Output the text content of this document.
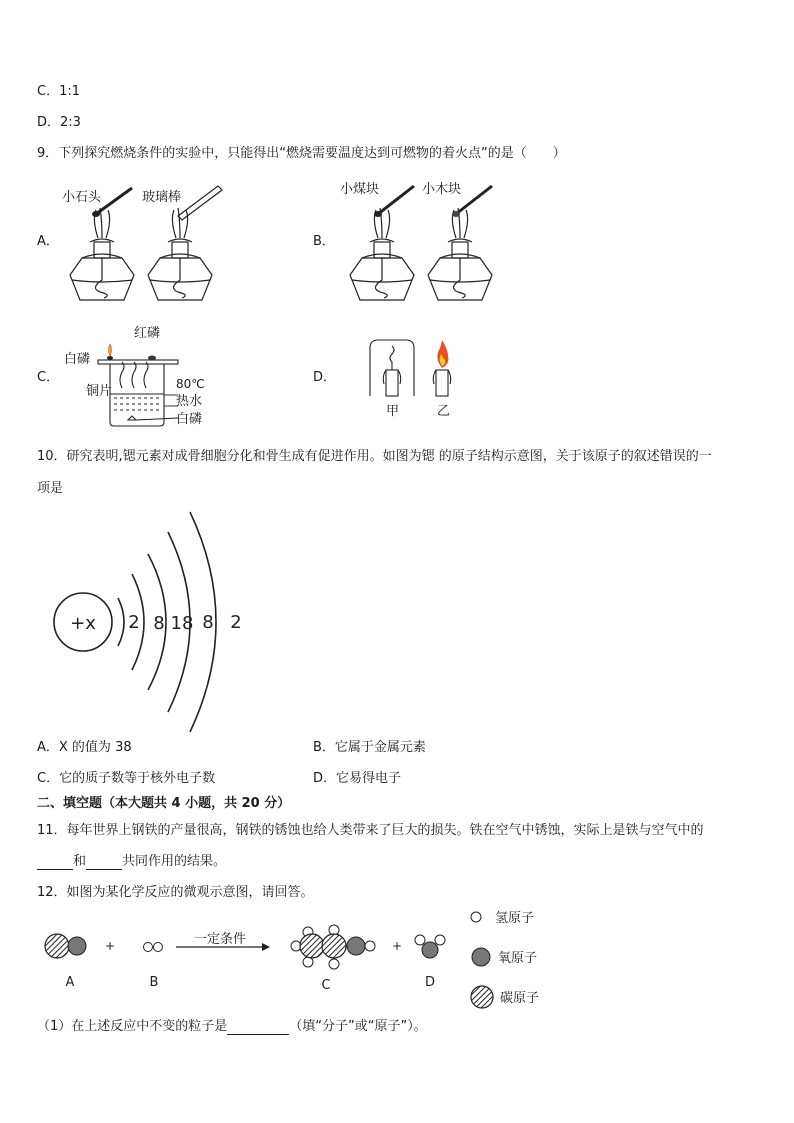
C．1:1
D．2:3
9．下列探究燃烧条件的实验中，只能得出“燃烧需要温度达到可燃物的着火点”的是（　　）
A．	B．
C．	D．
小石头	玻璃棒
小煤块	小木块
红磷
白磷
铜片	80℃
热水
白磷
甲	乙
10．研究表明,锶元素对成骨细胞分化和骨生成有促进作用。如图为锶 的原子结构示意图，关于该原子的叙述错误的一
项是
+x 2 8 18 8 2
A．X 的值为 38	B．它属于金属元素
C．它的质子数等于核外电子数	D．它易得电子
二、填空题（本大题共 4 小题，共 20 分）
11．每年世界上钢铁的产量很高，钢铁的锈蚀也给人类带来了巨大的损失。铁在空气中锈蚀，实际上是铁与空气中的
和	共同作用的结果。
12．如图为某化学反应的微观示意图，请回答。
+	一定条件	+
A	B	C	D
氢原子
氧原子
碳原子
（1）在上述反应中不变的粒子是	（填“分子”或“原子”）。
